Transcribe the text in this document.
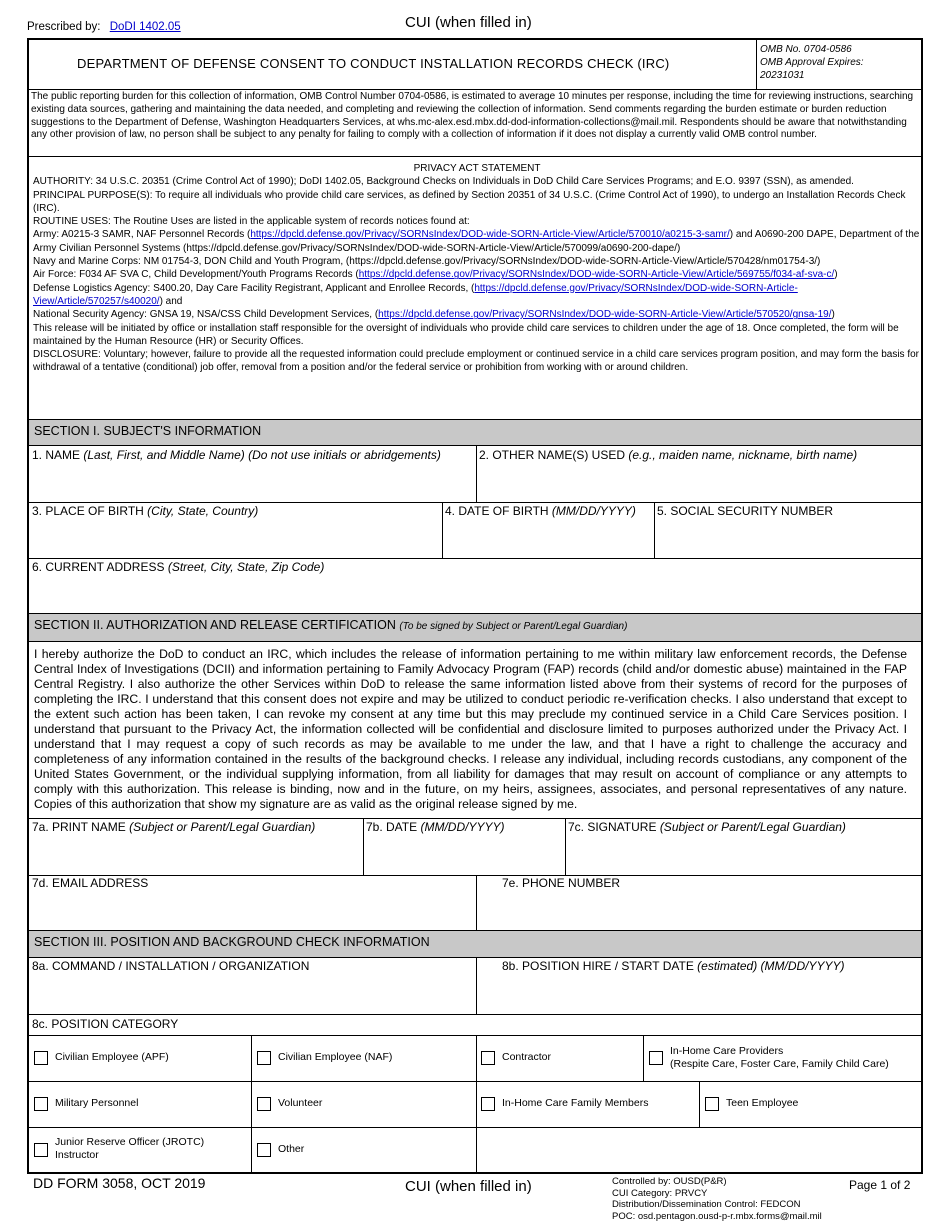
Prescribed by: DoDI 1402.05	CUI (when filled in)
DEPARTMENT OF DEFENSE CONSENT TO CONDUCT INSTALLATION RECORDS CHECK (IRC)
OMB No. 0704-0586
OMB Approval Expires:
20231031
The public reporting burden for this collection of information, OMB Control Number 0704-0586, is estimated to average 10 minutes per response, including the time for reviewing instructions, searching existing data sources, gathering and maintaining the data needed, and completing and reviewing the collection of information. Send comments regarding the burden estimate or burden reduction suggestions to the Department of Defense, Washington Headquarters Services, at whs.mc-alex.esd.mbx.dd-dod-information-collections@mail.mil. Respondents should be aware that notwithstanding any other provision of law, no person shall be subject to any penalty for failing to comply with a collection of information if it does not display a currently valid OMB control number.

PRIVACY ACT STATEMENT

AUTHORITY: 34 U.S.C. 20351 (Crime Control Act of 1990); DoDI 1402.05, Background Checks on Individuals in DoD Child Care Services Programs; and E.O. 9397 (SSN), as amended.

PRINCIPAL PURPOSE(S): To require all individuals who provide child care services, as defined by Section 20351 of 34 U.S.C. (Crime Control Act of 1990), to undergo an Installation Records Check (IRC).

ROUTINE USES: The Routine Uses are listed in the applicable system of records notices found at:

Army: A0215-3 SAMR, NAF Personnel Records (https://dpcld.defense.gov/Privacy/SORNsIndex/DOD-wide-SORN-Article-View/Article/570010/a0215-3-samr/) and A0690-200 DAPE, Department of the Army Civilian Personnel Systems (https://dpcld.defense.gov/Privacy/SORNsIndex/DOD-wide-SORN-Article-View/Article/570099/a0690-200-dape/)

Navy and Marine Corps: NM 01754-3, DON Child and Youth Program, (https://dpcld.defense.gov/Privacy/SORNsIndex/DOD-wide-SORN-Article-View/Article/570428/nm01754-3/)

Air Force: F034 AF SVA C, Child Development/Youth Programs Records (https://dpcld.defense.gov/Privacy/SORNsIndex/DOD-wide-SORN-Article-View/Article/569755/f034-af-sva-c/)

Defense Logistics Agency: S400.20, Day Care Facility Registrant, Applicant and Enrollee Records, (https://dpcld.defense.gov/Privacy/SORNsIndex/DOD-wide-SORN-Article-View/Article/570257/s40020/) and

National Security Agency: GNSA 19, NSA/CSS Child Development Services, (https://dpcld.defense.gov/Privacy/SORNsIndex/DOD-wide-SORN-Article-View/Article/570520/gnsa-19/)

This release will be initiated by office or installation staff responsible for the oversight of individuals who provide child care services to children under the age of 18. Once completed, the form will be maintained by the Human Resource (HR) or Security Offices.

DISCLOSURE: Voluntary; however, failure to provide all the requested information could preclude employment or continued service in a child care services program position, and may form the basis for withdrawal of a tentative (conditional) job offer, removal from a position and/or the federal service or prohibition from working with or around children.

SECTION I. SUBJECT'S INFORMATION
1. NAME (Last, First, and Middle Name) (Do not use initials or abridgements)	2. OTHER NAME(S) USED (e.g., maiden name, nickname, birth name)
3. PLACE OF BIRTH (City, State, Country)	4. DATE OF BIRTH (MM/DD/YYYY) 5. SOCIAL SECURITY NUMBER
6. CURRENT ADDRESS (Street, City, State, Zip Code)
SECTION II. AUTHORIZATION AND RELEASE CERTIFICATION (To be signed by Subject or Parent/Legal Guardian)
I hereby authorize the DoD to conduct an IRC, which includes the release of information pertaining to me within military law enforcement records, the Defense Central Index of Investigations (DCII) and information pertaining to Family Advocacy Program (FAP) records (child and/or domestic abuse) maintained in the FAP Central Registry. I also authorize the other Services within DoD to release the same information listed above from their systems of record for the purposes of completing the IRC. I understand that this consent does not expire and may be utilized to conduct periodic re-verification checks. I also understand that except to the extent such action has been taken, I can revoke my consent at any time but this may preclude my continued service in a Child Care Services position. I understand that pursuant to the Privacy Act, the information collected will be confidential and disclosure limited to purposes authorized under the Privacy Act. I understand that I may request a copy of such records as may be available to me under the law, and that I have a right to challenge the accuracy and completeness of any information contained in the results of the background checks. I release any individual, including records custodians, any component of the United States Government, or the individual supplying information, from all liability for damages that may result on account of compliance or any attempts to comply with this authorization. This release is binding, now and in the future, on my heirs, assignees, associates, and personal representatives of any nature. Copies of this authorization that show my signature are as valid as the original release signed by me.
7a. PRINT NAME (Subject or Parent/Legal Guardian)	7b. DATE (MM/DD/YYYY)	7c. SIGNATURE (Subject or Parent/Legal Guardian)
7d. EMAIL ADDRESS	7e. PHONE NUMBER
SECTION III. POSITION AND BACKGROUND CHECK INFORMATION
8a. COMMAND / INSTALLATION / ORGANIZATION	8b. POSITION HIRE / START DATE (estimated) (MM/DD/YYYY)
8c. POSITION CATEGORY
Civilian Employee (APF)	Civilian Employee (NAF)	Contractor	In-Home Care Providers
(Respite Care, Foster Care, Family Child Care)
Military Personnel	Volunteer	In-Home Care Family Members	Teen Employee
Junior Reserve Officer (JROTC)
Instructor	Other
DD FORM 3058, OCT 2019	CUI (when filled in)	Controlled by: OUSD(P&R)
CUI Category: PRVCY
Distribution/Dissemination Control: FEDCON
POC: osd.pentagon.ousd-p-r.mbx.forms@mail.mil
Page 1 of 2
